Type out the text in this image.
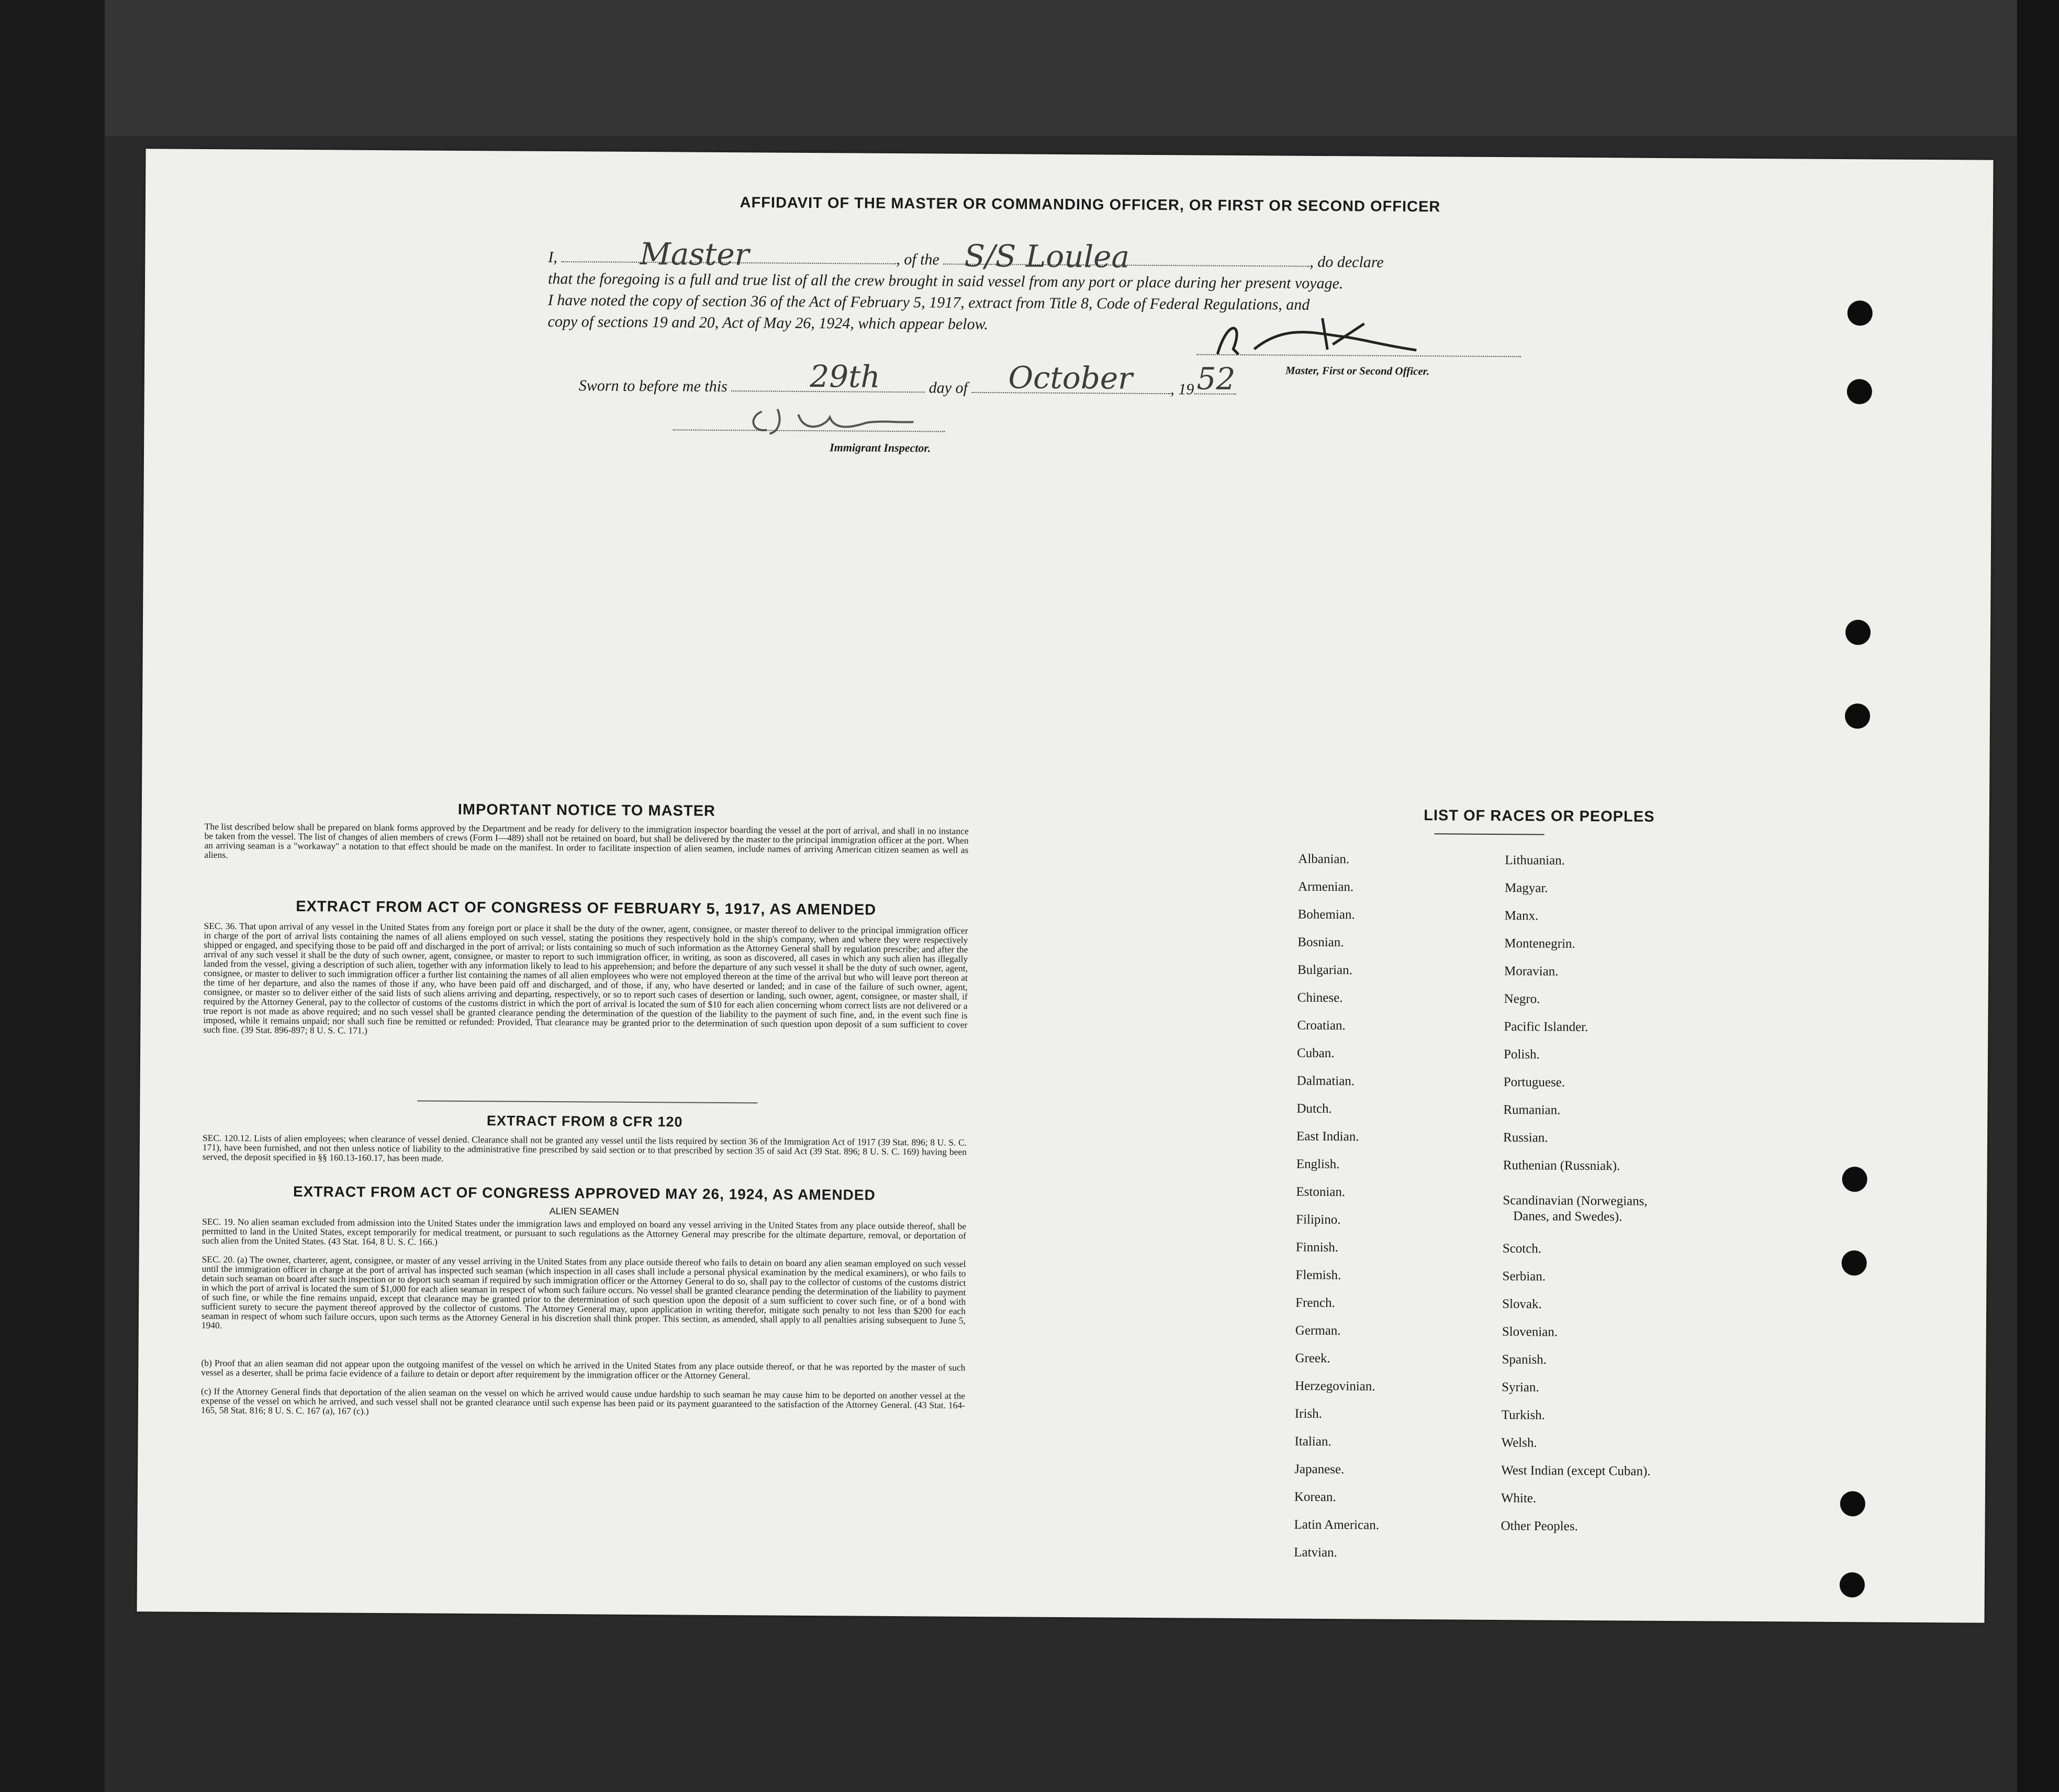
AFFIDAVIT OF THE MASTER OR COMMANDING OFFICER, OR FIRST OR SECOND OFFICER
I,	Master	, of the S/S Loulea	, do declare
that the foregoing is a full and true list of all the crew brought in said vessel from any port or place during her present voyage.
I have noted the copy of section 36 of the Act of February 5, 1917, extract from Title 8, Code of Federal Regulations, and
copy of sections 19 and 20, Act of May 26, 1924, which appear below.
Master, First or Second Officer.
Sworn to before me this	29th	day of October , 19 52
Immigrant Inspector.
IMPORTANT NOTICE TO MASTER
The list described below shall be prepared on blank forms approved by the Department and be ready for delivery to the immigration inspector boarding the vessel at the port of arrival, and shall in no instance be taken from the vessel. The list of changes of alien members of crews (Form I—489) shall not be retained on board, but shall be delivered by the master to the principal immigration officer at the port. When an arriving seaman is a "workaway" a notation to that effect should be made on the manifest. In order to facilitate inspection of alien seamen, include names of arriving American citizen seamen as well as aliens.
EXTRACT FROM ACT OF CONGRESS OF FEBRUARY 5, 1917, AS AMENDED
SEC. 36. That upon arrival of any vessel in the United States from any foreign port or place it shall be the duty of the owner, agent, consignee, or master thereof to deliver to the principal immigration officer in charge of the port of arrival lists containing the names of all aliens employed on such vessel, stating the positions they respectively hold in the ship's company, when and where they were respectively shipped or engaged, and specifying those to be paid off and discharged in the port of arrival; or lists containing so much of such information as the Attorney General shall by regulation prescribe; and after the arrival of any such vessel it shall be the duty of such owner, agent, consignee, or master to report to such immigration officer, in writing, as soon as discovered, all cases in which any such alien has illegally landed from the vessel, giving a description of such alien, together with any information likely to lead to his apprehension; and before the departure of any such vessel it shall be the duty of such owner, agent, consignee, or master to deliver to such immigration officer a further list containing the names of all alien employees who were not employed thereon at the time of the arrival but who will leave port thereon at the time of her departure, and also the names of those if any, who have been paid off and discharged, and of those, if any, who have deserted or landed; and in case of the failure of such owner, agent, consignee, or master so to deliver either of the said lists of such aliens arriving and departing, respectively, or so to report such cases of desertion or landing, such owner, agent, consignee, or master shall, if required by the Attorney General, pay to the collector of customs of the customs district in which the port of arrival is located the sum of $10 for each alien concerning whom correct lists are not delivered or a true report is not made as above required; and no such vessel shall be granted clearance pending the determination of the question of the liability to the payment of such fine, and, in the event such fine is imposed, while it remains unpaid; nor shall such fine be remitted or refunded: Provided, That clearance may be granted prior to the determination of such question upon deposit of a sum sufficient to cover such fine. (39 Stat. 896-897; 8 U. S. C. 171.)
EXTRACT FROM 8 CFR 120
SEC. 120.12. Lists of alien employees; when clearance of vessel denied. Clearance shall not be granted any vessel until the lists required by section 36 of the Immigration Act of 1917 (39 Stat. 896; 8 U. S. C. 171), have been furnished, and not then unless notice of liability to the administrative fine prescribed by said section or to that prescribed by section 35 of said Act (39 Stat. 896; 8 U. S. C. 169) having been served, the deposit specified in §§ 160.13-160.17, has been made.
EXTRACT FROM ACT OF CONGRESS APPROVED MAY 26, 1924, AS AMENDED
ALIEN SEAMEN
SEC. 19. No alien seaman excluded from admission into the United States under the immigration laws and employed on board any vessel arriving in the United States from any place outside thereof, shall be permitted to land in the United States, except temporarily for medical treatment, or pursuant to such regulations as the Attorney General may prescribe for the ultimate departure, removal, or deportation of such alien from the United States. (43 Stat. 164, 8 U. S. C. 166.)
SEC. 20. (a) The owner, charterer, agent, consignee, or master of any vessel arriving in the United States from any place outside thereof who fails to detain on board any alien seaman employed on such vessel until the immigration officer in charge at the port of arrival has inspected such seaman (which inspection in all cases shall include a personal physical examination by the medical examiners), or who fails to detain such seaman on board after such inspection or to deport such seaman if required by such immigration officer or the Attorney General to do so, shall pay to the collector of customs of the customs district in which the port of arrival is located the sum of $1,000 for each alien seaman in respect of whom such failure occurs. No vessel shall be granted clearance pending the determination of the liability to payment of such fine, or while the fine remains unpaid, except that clearance may be granted prior to the determination of such question upon the deposit of a sum sufficient to cover such fine, or of a bond with sufficient surety to secure the payment thereof approved by the collector of customs. The Attorney General may, upon application in writing therefor, mitigate such penalty to not less than $200 for each seaman in respect of whom such failure occurs, upon such terms as the Attorney General in his discretion shall think proper. This section, as amended, shall apply to all penalties arising subsequent to June 5, 1940.
(b) Proof that an alien seaman did not appear upon the outgoing manifest of the vessel on which he arrived in the United States from any place outside thereof, or that he was reported by the master of such vessel as a deserter, shall be prima facie evidence of a failure to detain or deport after requirement by the immigration officer or the Attorney General.
(c) If the Attorney General finds that deportation of the alien seaman on the vessel on which he arrived would cause undue hardship to such seaman he may cause him to be deported on another vessel at the expense of the vessel on which he arrived, and such vessel shall not be granted clearance until such expense has been paid or its payment guaranteed to the satisfaction of the Attorney General. (43 Stat. 164-165, 58 Stat. 816; 8 U. S. C. 167 (a), 167 (c).)
LIST OF RACES OR PEOPLES
Albanian.
Armenian.
Bohemian.
Bosnian.
Bulgarian.
Chinese.
Croatian.
Cuban.
Dalmatian.
Dutch.
East Indian.
English.
Estonian.
Filipino.
Finnish.
Flemish.
French.
German.
Greek.
Herzegovinian.
Irish.
Italian.
Japanese.
Korean.
Latin American.
Latvian.
Lithuanian.
Magyar.
Manx.
Montenegrin.
Moravian.
Negro.
Pacific Islander.
Polish.
Portuguese.
Rumanian.
Russian.
Ruthenian (Russniak).
Scandinavian (Norwegians,
Danes, and Swedes).
Scotch.
Serbian.
Slovak.
Slovenian.
Spanish.
Syrian.
Turkish.
Welsh.
West Indian (except Cuban).
White.
Other Peoples.
